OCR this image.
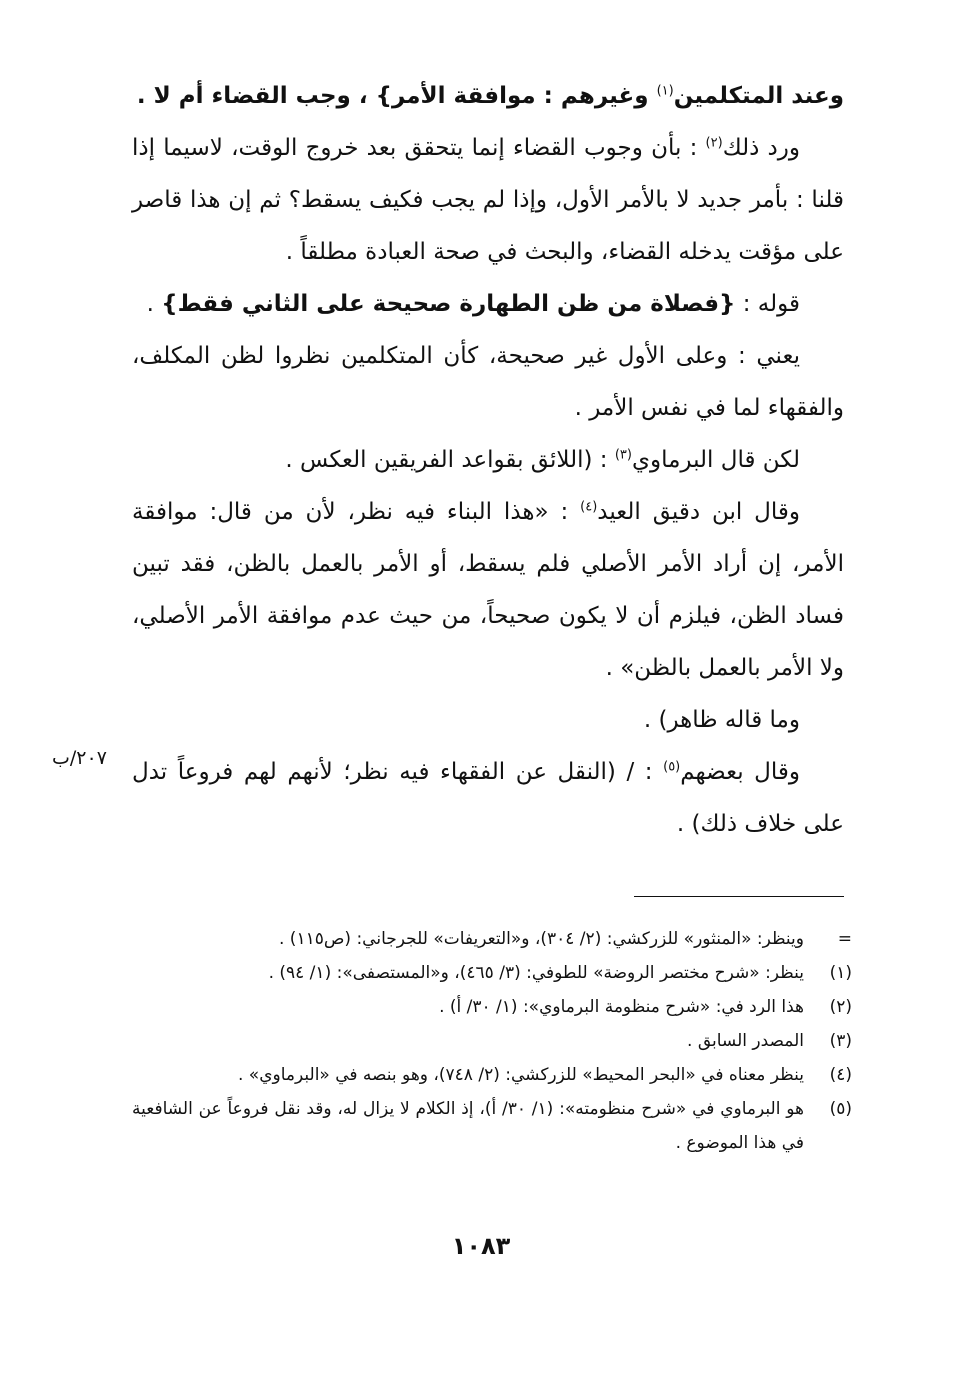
وعند المتكلمين$^{(١)}$ وغيرهم : موافقة الأمر} ، وجب القضاء أم لا .

ورد ذلك$^{(٢)}$ : بأن وجوب القضاء إنما يتحقق بعد خروج الوقت، لاسيما إذا قلنا : بأمر جديد لا بالأمر الأول، وإذا لم يجب فكيف يسقط؟ ثم إن هذا قاصر على مؤقت يدخله القضاء، والبحث في صحة العبادة مطلقاً .

قوله : {فصلاة من ظن الطهارة صحيحة على الثاني فقط} .

يعني : وعلى الأول غير صحيحة، كأن المتكلمين نظروا لظن المكلف، والفقهاء لما في نفس الأمر .

لكن قال البرماوي$^{(٣)}$ : (اللائق بقواعد الفريقين العكس .

وقال ابن دقيق العيد$^{(٤)}$ : «هذا البناء فيه نظر، لأن من قال: موافقة الأمر، إن أراد الأمر الأصلي فلم يسقط، أو الأمر بالعمل بالظن، فقد تبين فساد الظن، فيلزم أن لا يكون صحيحاً، من حيث عدم موافقة الأمر الأصلي، ولا الأمر بالعمل بالظن» .

وما قاله ظاهر) .

وقال بعضهم$^{(٥)}$ : / (النقل عن الفقهاء فيه نظر؛ لأنهم لهم فروعاً تدل على خلاف ذلك) .

٢٠٧/ب
=
وينظر: «المنثور» للزركشي: (٢/ ٣٠٤)، و«التعريفات» للجرجاني: (ص١١٥) .
(١)
ينظر: «شرح مختصر الروضة» للطوفي: (٣/ ٤٦٥)، و«المستصفى»: (١/ ٩٤) .
(٢)
هذا الرد في: «شرح منظومة البرماوي»: (١/ ٣٠/ أ) .
(٣)
المصدر السابق .
(٤)
ينظر معناه في «البحر المحيط» للزركشي: (٢/ ٧٤٨)، وهو بنصه في «البرماوي» .
(٥)
هو البرماوي في «شرح منظومته»: (١/ ٣٠/ أ)، إذ الكلام لا يزال له، وقد نقل فروعاً عن الشافعية في هذا الموضوع .
١٠٨٣
